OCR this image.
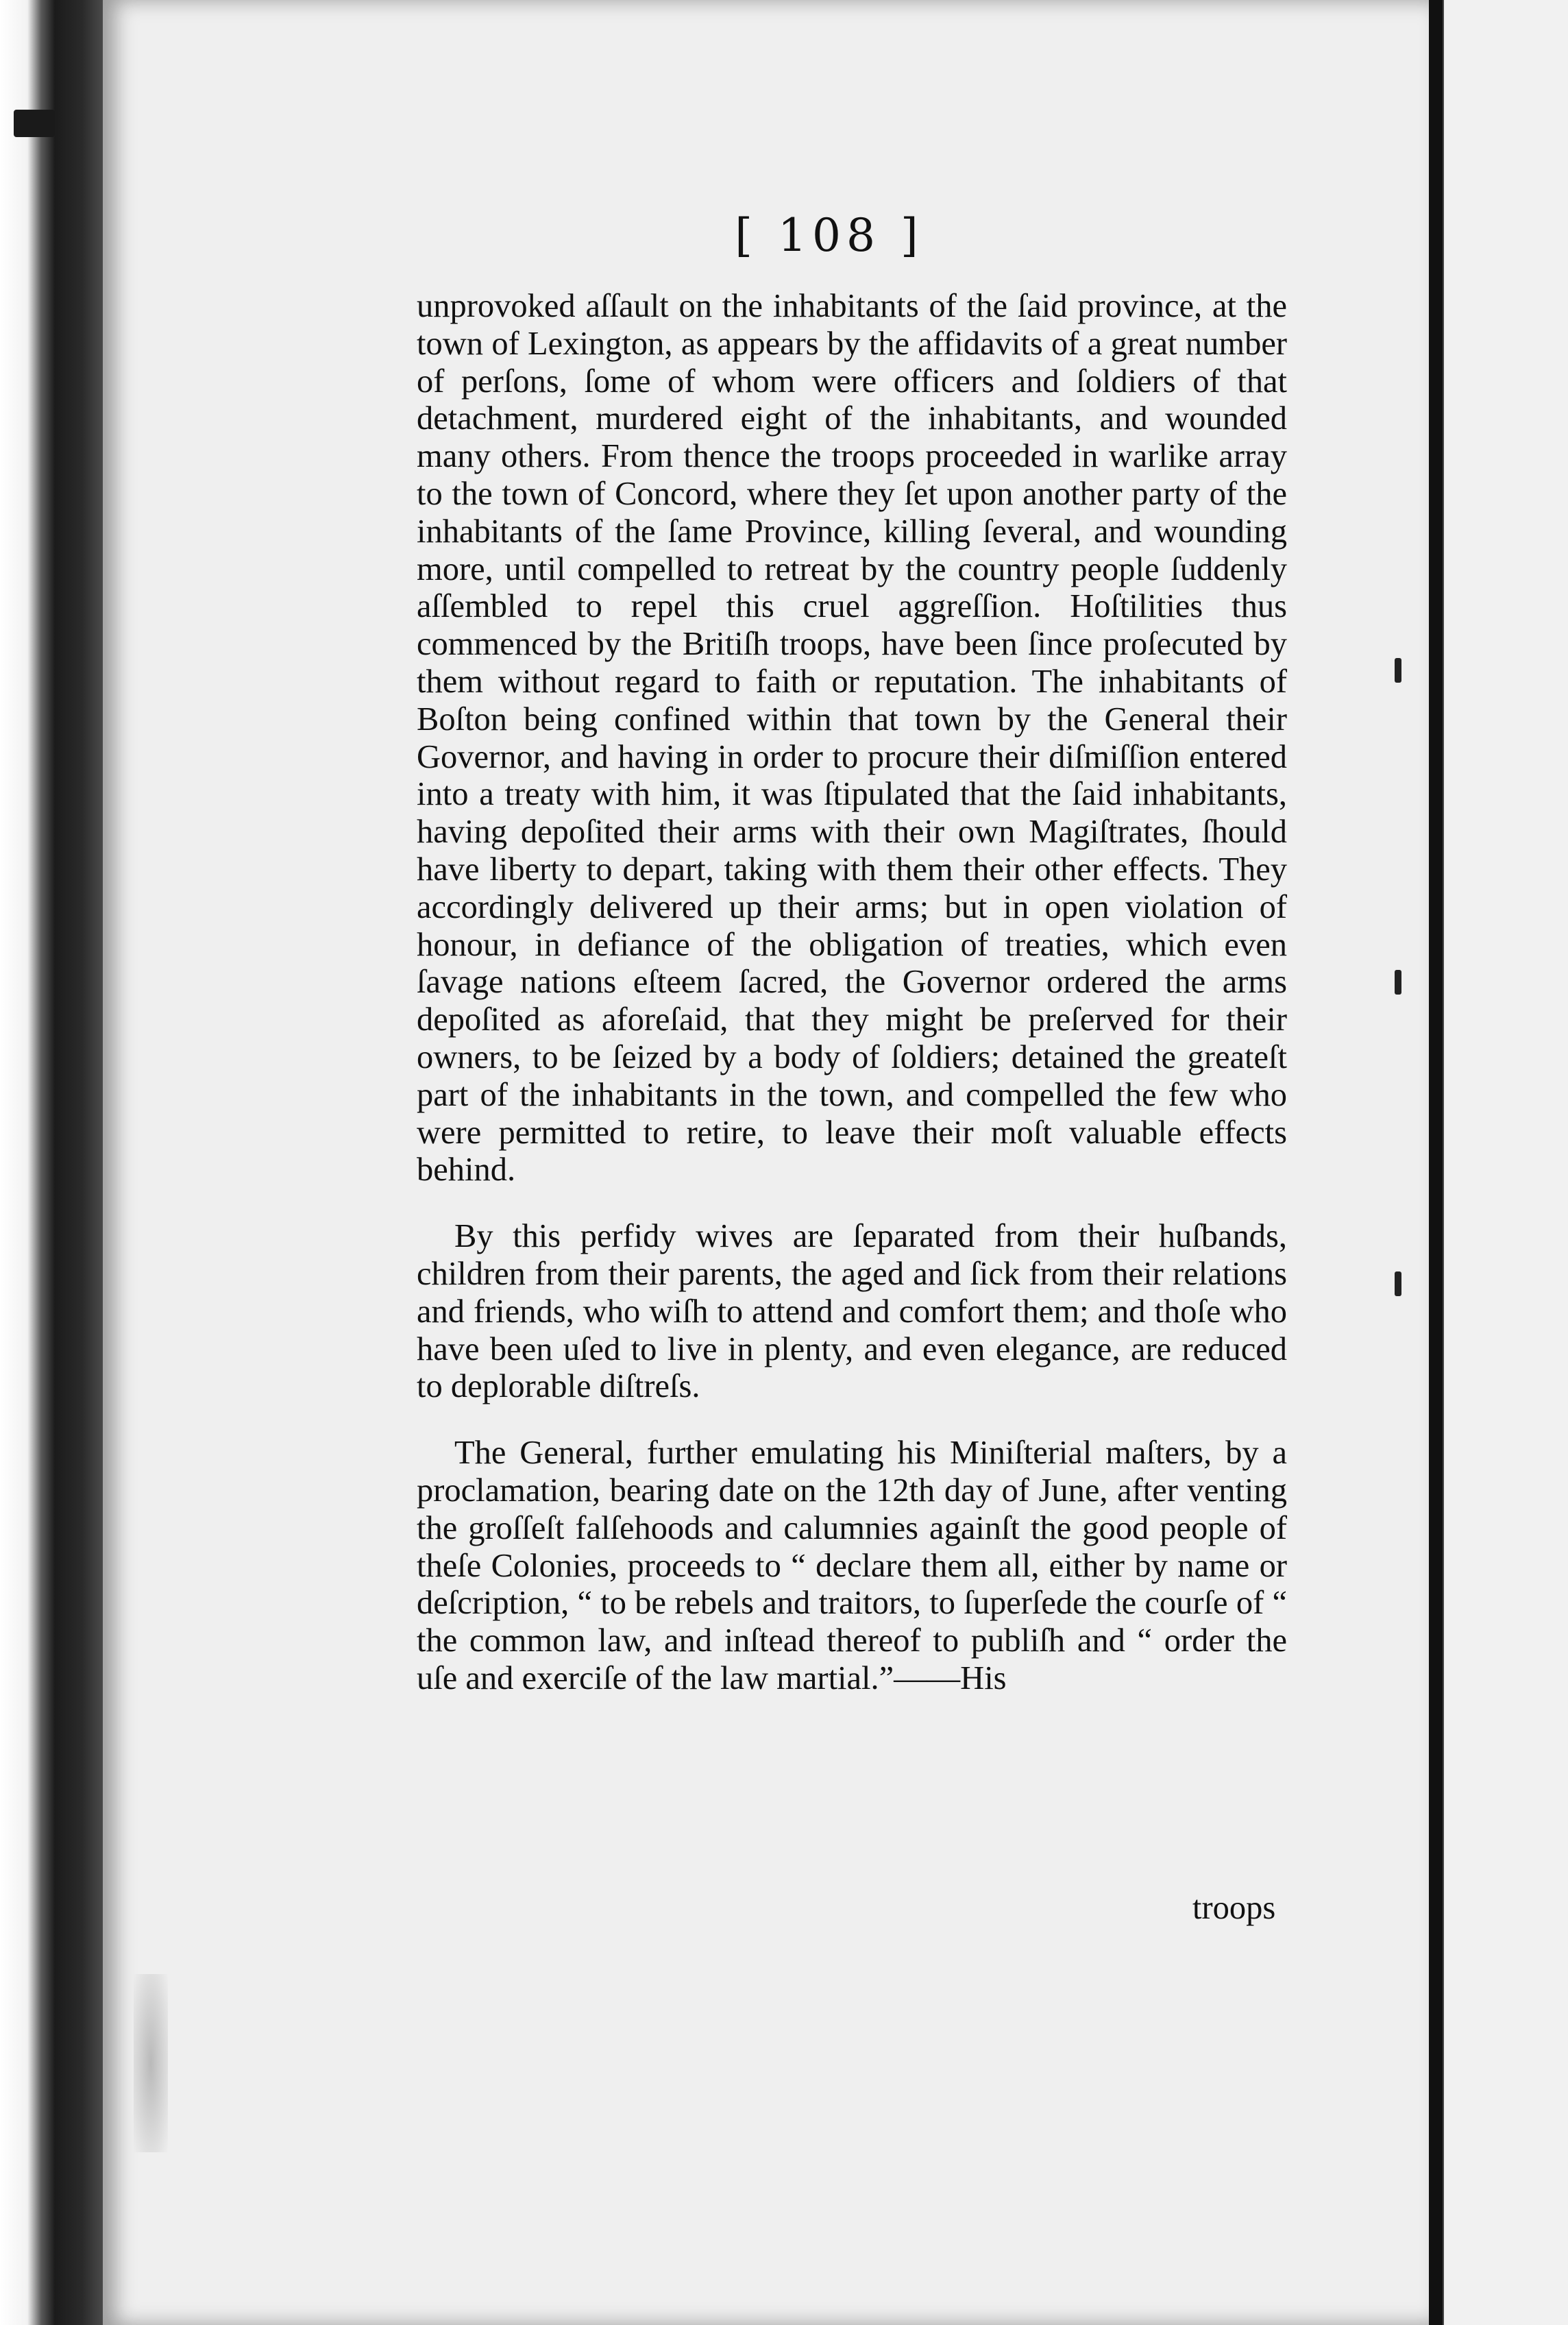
[ 108 ]

unprovoked aſſault on the inhabitants of the ſaid province, at the town of Lexington, as appears by the affidavits of a great number of perſons, ſome of whom were officers and ſoldiers of that detachment, murdered eight of the inhabitants, and wounded many others. From thence the troops proceeded in warlike array to the town of Concord, where they ſet upon another party of the inhabitants of the ſame Province, killing ſeveral, and wounding more, until compelled to retreat by the country people ſuddenly aſſembled to repel this cruel aggreſſion. Hoſtilities thus commenced by the Britiſh troops, have been ſince proſecuted by them without regard to faith or reputation. The inhabitants of Boſton being confined within that town by the General their Governor, and having in order to procure their diſmiſſion entered into a treaty with him, it was ſtipulated that the ſaid inhabitants, having depoſited their arms with their own Magiſtrates, ſhould have liberty to depart, taking with them their other effects. They accordingly delivered up their arms; but in open violation of honour, in defiance of the obligation of treaties, which even ſavage nations eſteem ſacred, the Governor ordered the arms depoſited as aforeſaid, that they might be preſerved for their owners, to be ſeized by a body of ſoldiers; detained the greateſt part of the inhabitants in the town, and compelled the few who were permitted to retire, to leave their moſt valuable effects behind.

By this perfidy wives are ſeparated from their huſbands, children from their parents, the aged and ſick from their relations and friends, who wiſh to attend and comfort them; and thoſe who have been uſed to live in plenty, and even elegance, are reduced to deplorable diſtreſs.

The General, further emulating his Miniſterial maſters, by a proclamation, bearing date on the 12th day of June, after venting the groſſeſt falſehoods and calumnies againſt the good people of theſe Colonies, proceeds to “ declare them all, either by name or deſcription, “ to be rebels and traitors, to ſuperſede the courſe of “ the common law, and inſtead thereof to publiſh and “ order the uſe and exerciſe of the law martial.”——His

troops
